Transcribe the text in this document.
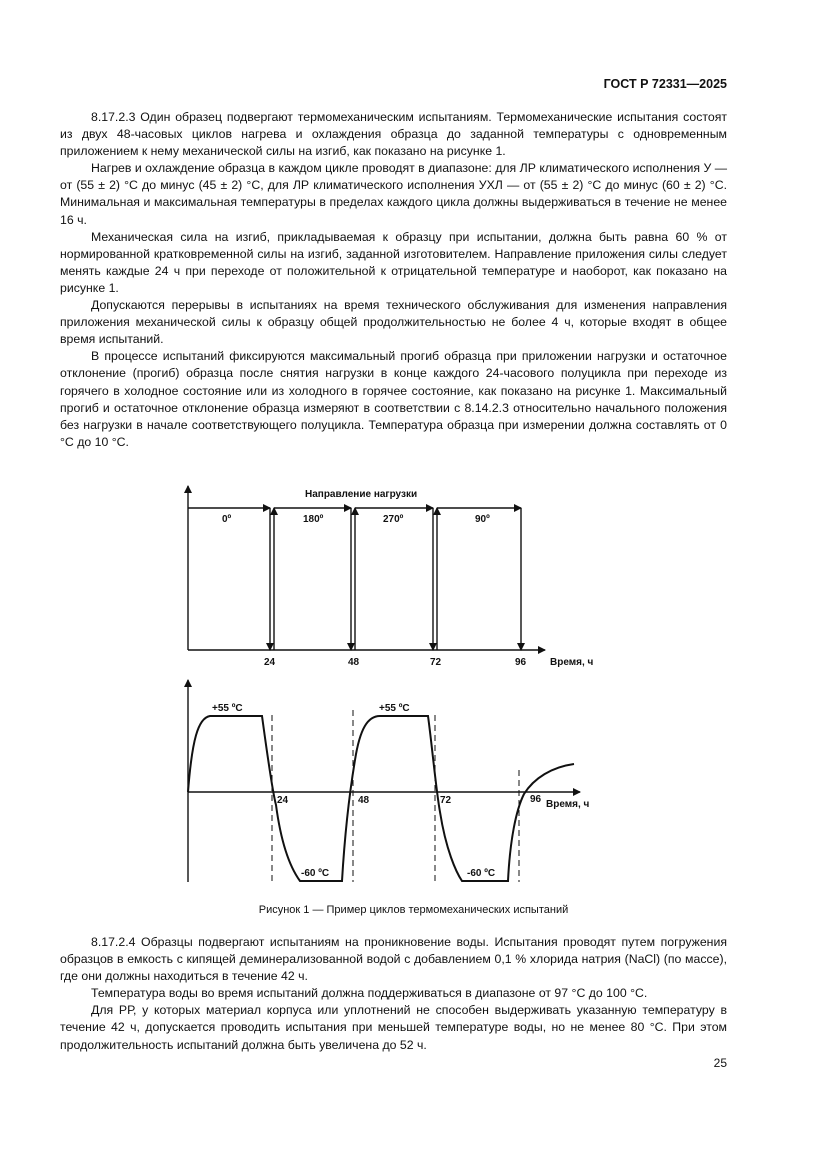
ГОСТ Р 72331—2025

8.17.2.3 Один образец подвергают термомеханическим испытаниям. Термомеханические испытания состоят из двух 48-часовых циклов нагрева и охлаждения образца до заданной температуры с одновременным приложением к нему механической силы на изгиб, как показано на рисунке 1.

Нагрев и охлаждение образца в каждом цикле проводят в диапазоне: для ЛР климатического исполнения У — от (55 ± 2) °С до минус (45 ± 2) °С, для ЛР климатического исполнения УХЛ — от (55 ± 2) °С до минус (60 ± 2) °С. Минимальная и максимальная температуры в пределах каждого цикла должны выдерживаться в течение не менее 16 ч.

Механическая сила на изгиб, прикладываемая к образцу при испытании, должна быть равна 60 % от нормированной кратковременной силы на изгиб, заданной изготовителем. Направление приложения силы следует менять каждые 24 ч при переходе от положительной к отрицательной температуре и наоборот, как показано на рисунке 1.

Допускаются перерывы в испытаниях на время технического обслуживания для изменения направления приложения механической силы к образцу общей продолжительностью не более 4 ч, которые входят в общее время испытаний.

В процессе испытаний фиксируются максимальный прогиб образца при приложении нагрузки и остаточное отклонение (прогиб) образца после снятия нагрузки в конце каждого 24-часового полуцикла при переходе из горячего в холодное состояние или из холодного в горячее состояние, как показано на рисунке 1. Максимальный прогиб и остаточное отклонение образца измеряют в соответствии с 8.14.2.3 относительно начального положения без нагрузки в начале соответствующего полуцикла. Температура образца при измерении должна составлять от 0 °С до 10 °С.

Направление нагрузки
0º	180º	270º	90º
24	48	72	96 Время, ч
+55 ºС	+55 ºС
-60 ºС	-60 ºС
24	48	72	96 Время, ч
Рисунок 1 — Пример циклов термомеханических испытаний

8.17.2.4 Образцы подвергают испытаниям на проникновение воды. Испытания проводят путем погружения образцов в емкость с кипящей деминерализованной водой с добавлением 0,1 % хлорида натрия (NaCl) (по массе), где они должны находиться в течение 42 ч.

Температура воды во время испытаний должна поддерживаться в диапазоне от 97 °С до 100 °С.

Для РР, у которых материал корпуса или уплотнений не способен выдерживать указанную температуру в течение 42 ч, допускается проводить испытания при меньшей температуре воды, но не менее 80 °С. При этом продолжительность испытаний должна быть увеличена до 52 ч.

25
